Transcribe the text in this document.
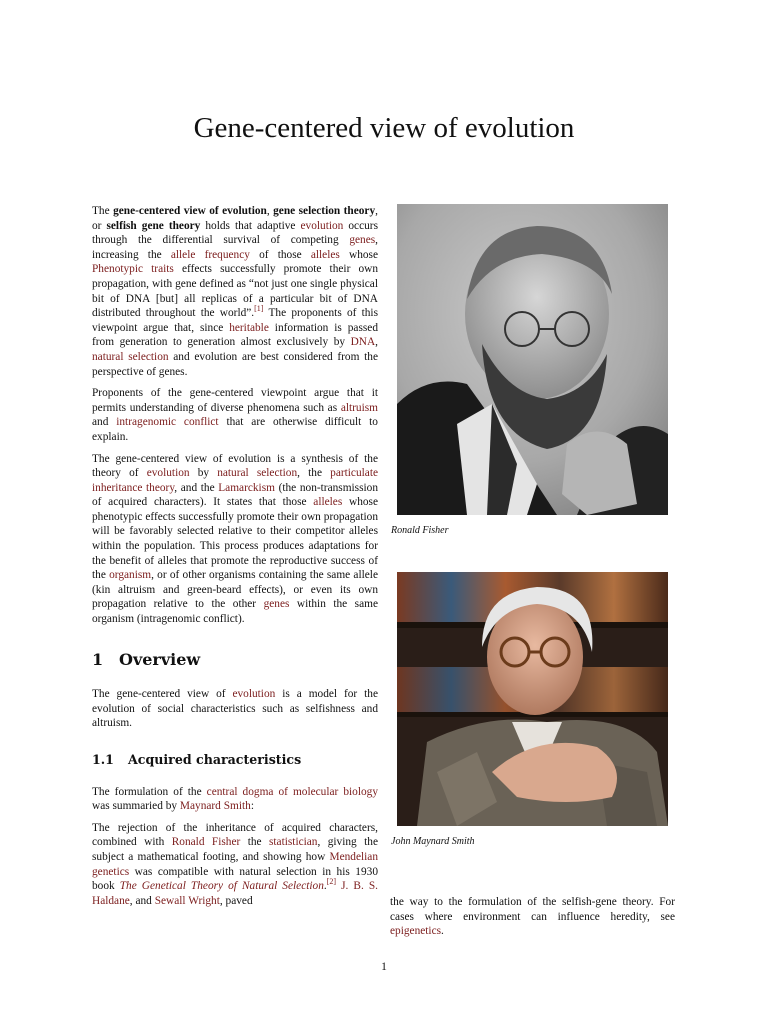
Gene-centered view of evolution

The gene-centered view of evolution, gene selection theory, or selfish gene theory holds that adaptive evolution occurs through the differential survival of competing genes, increasing the allele frequency of those alleles whose Phenotypic traits effects successfully promote their own propagation, with gene defined as “not just one single physical bit of DNA [but] all replicas of a particular bit of DNA distributed throughout the world”.[1] The proponents of this viewpoint argue that, since heritable information is passed from generation to generation almost exclusively by DNA, natural selection and evolution are best considered from the perspective of genes.

Proponents of the gene-centered viewpoint argue that it permits understanding of diverse phenomena such as altruism and intragenomic conflict that are otherwise difficult to explain.

The gene-centered view of evolution is a synthesis of the theory of evolution by natural selection, the particulate inheritance theory, and the Lamarckism (the non-transmission of acquired characters). It states that those alleles whose phenotypic effects successfully promote their own propagation will be favorably selected relative to their competitor alleles within the population. This process produces adaptations for the benefit of alleles that promote the reproductive success of the organism, or of other organisms containing the same allele (kin altruism and green-beard effects), or even its own propagation relative to the other genes within the same organism (intragenomic conflict).

1 Overview

The gene-centered view of evolution is a model for the evolution of social characteristics such as selfishness and altruism.

1.1 Acquired characteristics

The formulation of the central dogma of molecular biology was summaried by Maynard Smith:

The rejection of the inheritance of acquired characters, combined with Ronald Fisher the statistician, giving the subject a mathematical footing, and showing how Mendelian genetics was compatible with natural selection in his 1930 book The Genetical Theory of Natural Selection.[2] J. B. S. Haldane, and Sewall Wright, paved

Ronald Fisher
John Maynard Smith

the way to the formulation of the selfish-gene theory. For cases where environment can influence heredity, see epigenetics.

1
